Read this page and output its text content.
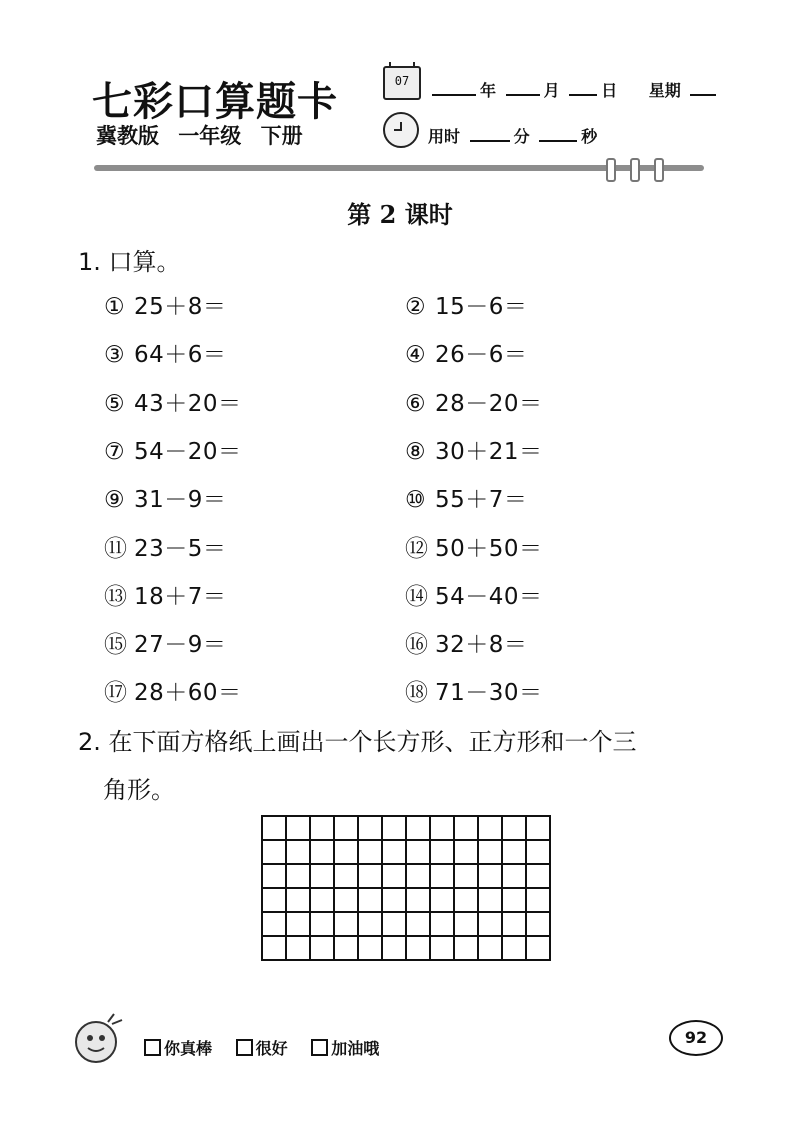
七彩口算题卡
冀教版 一年级 下册
07	年	月	日 星期
用时	分	秒
第 2 课时
1. 口算。
① 25＋8＝	② 15－6＝
③ 64＋6＝	④ 26－6＝
⑤ 43＋20＝	⑥ 28－20＝
⑦ 54－20＝	⑧ 30＋21＝
⑨ 31－9＝	⑩ 55＋7＝
⑪ 23－5＝	⑫ 50＋50＝
⑬ 18＋7＝	⑭ 54－40＝
⑮ 27－9＝	⑯ 32＋8＝
⑰ 28＋60＝	⑱ 71－30＝
2. 在下面方格纸上画出一个长方形、正方形和一个三
角形。

你真棒	很好	加油哦
92
